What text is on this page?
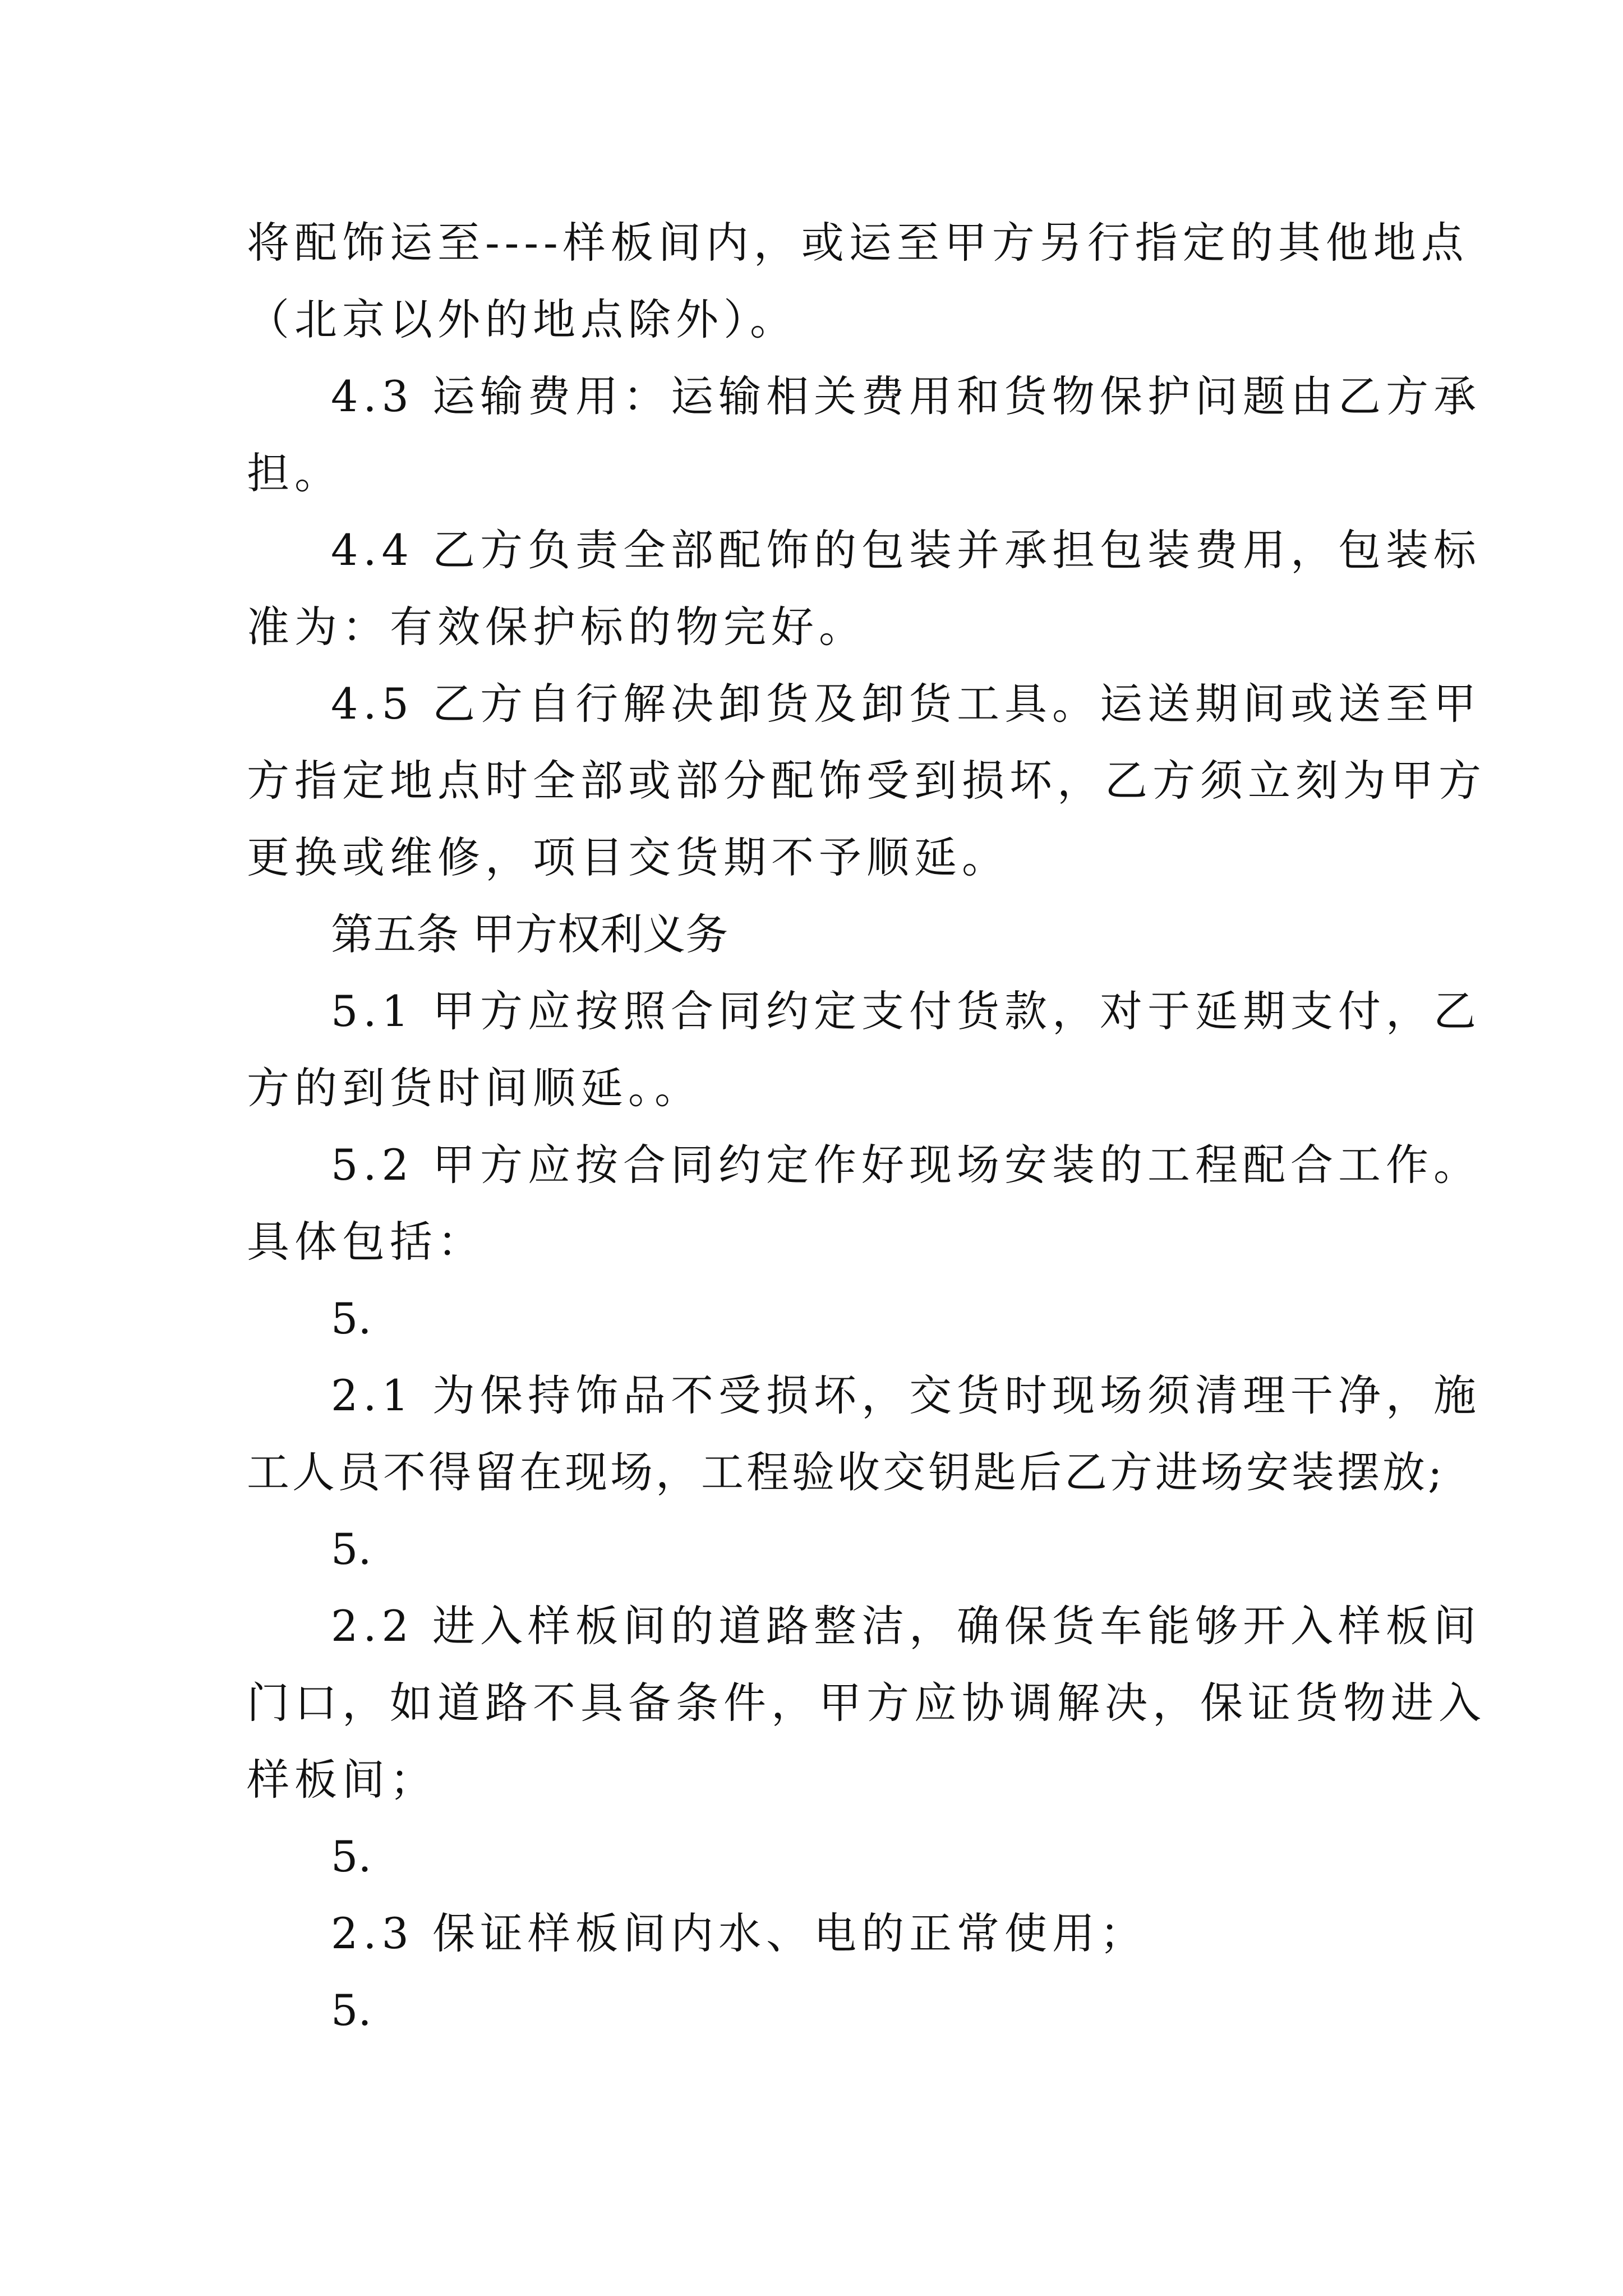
将配饰运至----样板间内，或运至甲方另行指定的其他地点

（北京以外的地点除外）。

4.3 运输费用：运输相关费用和货物保护问题由乙方承

担。

4.4 乙方负责全部配饰的包装并承担包装费用，包装标

准为：有效保护标的物完好。

4.5 乙方自行解决卸货及卸货工具。运送期间或送至甲

方指定地点时全部或部分配饰受到损坏，乙方须立刻为甲方

更换或维修，项目交货期不予顺延。

第五条 甲方权利义务

5.1 甲方应按照合同约定支付货款，对于延期支付，乙

方的到货时间顺延。。

5.2 甲方应按合同约定作好现场安装的工程配合工作。

具体包括：

5.

2.1 为保持饰品不受损坏，交货时现场须清理干净，施

工人员不得留在现场，工程验收交钥匙后乙方进场安装摆放;

5.

2.2 进入样板间的道路整洁，确保货车能够开入样板间

门口，如道路不具备条件，甲方应协调解决，保证货物进入

样板间；

5.

2.3 保证样板间内水、电的正常使用；

5.
